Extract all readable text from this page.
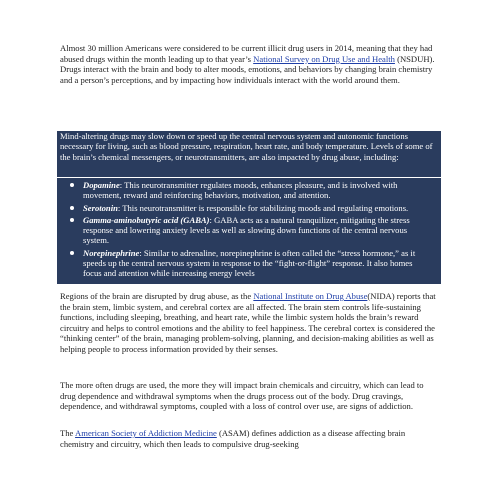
Almost 30 million Americans were considered to be current illicit drug users in 2014, meaning that they had abused drugs within the month leading up to that year’s National Survey on Drug Use and Health (NSDUH). Drugs interact with the brain and body to alter moods, emotions, and behaviors by changing brain chemistry and a person’s perceptions, and by impacting how individuals interact with the world around them.

Mind-altering drugs may slow down or speed up the central nervous system and autonomic functions necessary for living, such as blood pressure, respiration, heart rate, and body temperature. Levels of some of the brain’s chemical messengers, or neurotransmitters, are also impacted by drug abuse, including:

Dopamine: This neurotransmitter regulates moods, enhances pleasure, and is involved with movement, reward and reinforcing behaviors, motivation, and attention.
Serotonin: This neurotransmitter is responsible for stabilizing moods and regulating emotions.
Gamma-aminobutyric acid (GABA): GABA acts as a natural tranquilizer, mitigating the stress response and lowering anxiety levels as well as slowing down functions of the central nervous system.
Norepinephrine: Similar to adrenaline, norepinephrine is often called the “stress hormone,” as it speeds up the central nervous system in response to the “fight-or-flight” response. It also homes focus and attention while increasing energy levels
Regions of the brain are disrupted by drug abuse, as the National Institute on Drug Abuse(NIDA) reports that the brain stem, limbic system, and cerebral cortex are all affected. The brain stem controls life-sustaining functions, including sleeping, breathing, and heart rate, while the limbic system holds the brain’s reward circuitry and helps to control emotions and the ability to feel happiness. The cerebral cortex is considered the “thinking center” of the brain, managing problem-solving, planning, and decision-making abilities as well as helping people to process information provided by their senses.
The more often drugs are used, the more they will impact brain chemicals and circuitry, which can lead to drug dependence and withdrawal symptoms when the drugs process out of the body. Drug cravings, dependence, and withdrawal symptoms, coupled with a loss of control over use, are signs of addiction.
The American Society of Addiction Medicine (ASAM) defines addiction as a disease affecting brain chemistry and circuitry, which then leads to compulsive drug-seeking
